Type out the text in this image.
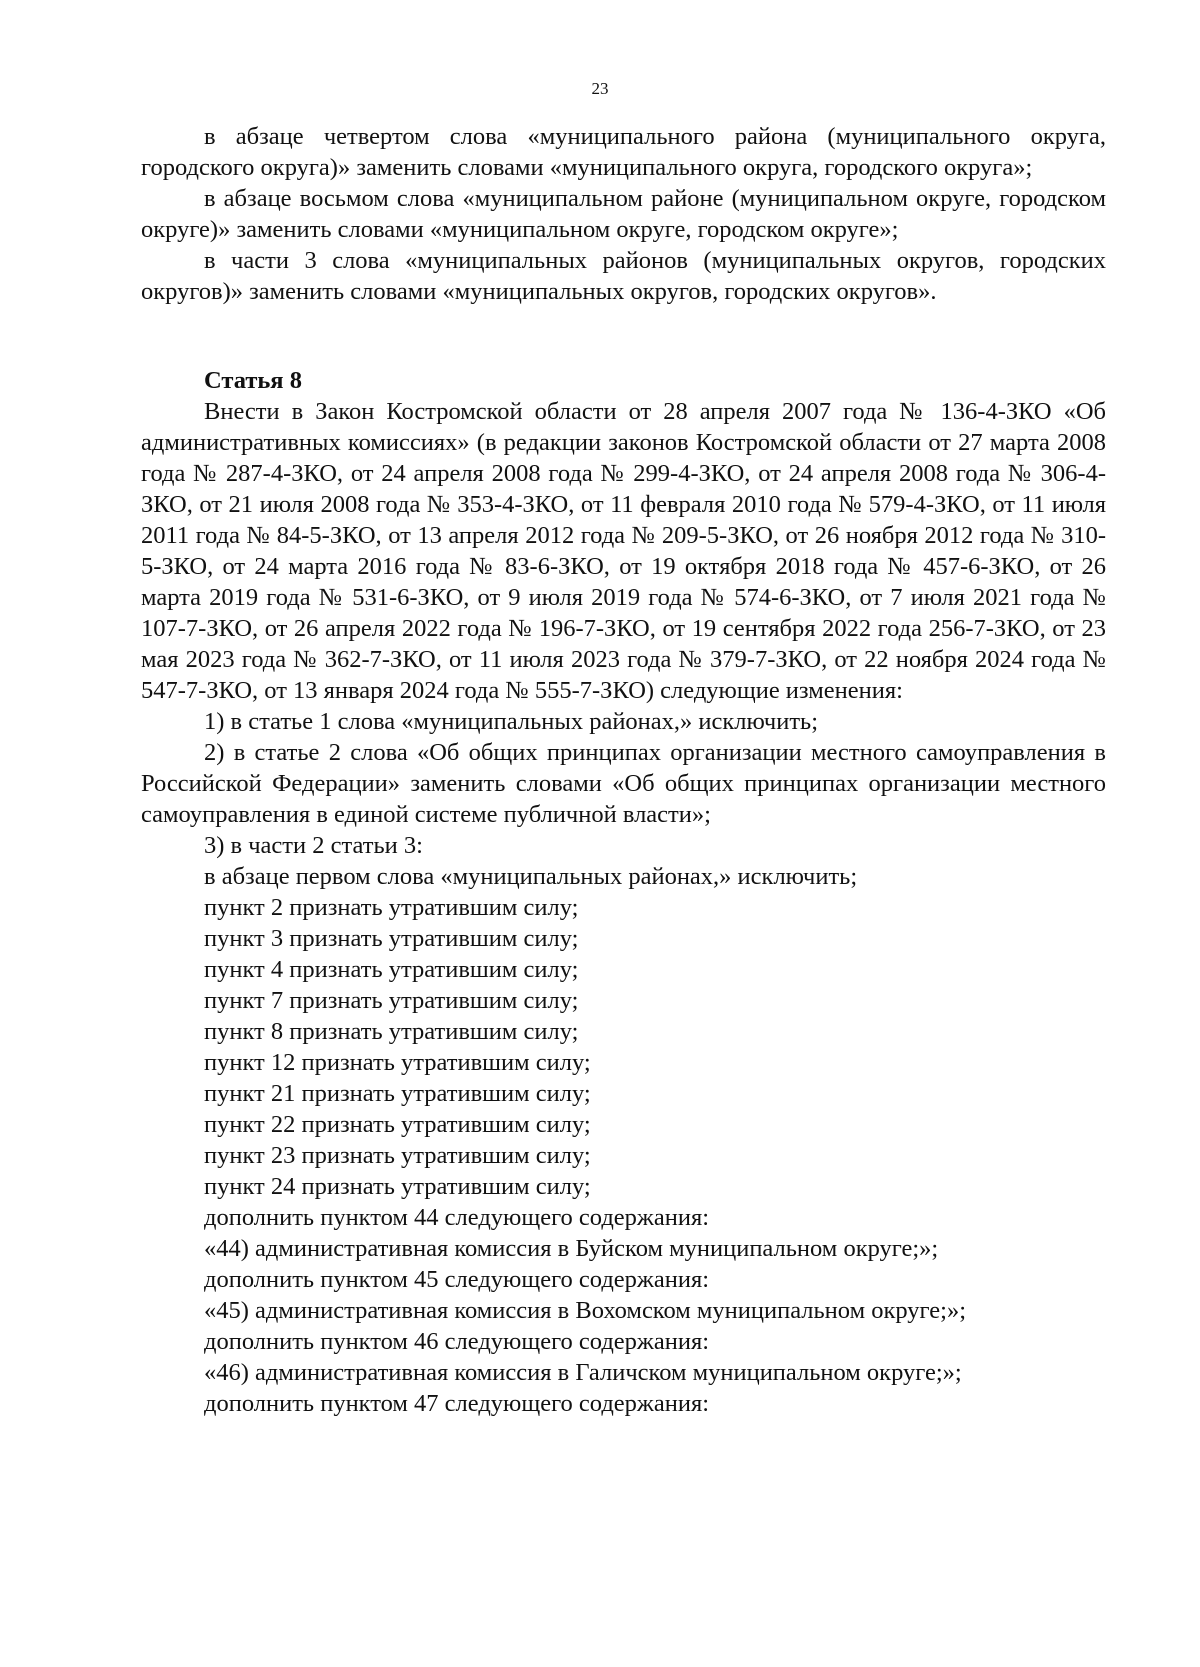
23

в абзаце четвертом слова «муниципального района (муниципального округа, городского округа)» заменить словами «муниципального округа, городского округа»;

в абзаце восьмом слова «муниципальном районе (муниципальном округе, городском округе)» заменить словами «муниципальном округе, городском округе»;

в части 3 слова «муниципальных районов (муниципальных округов, городских округов)» заменить словами «муниципальных округов, городских округов».

Статья 8

Внести в Закон Костромской области от 28 апреля 2007 года № 136-4-ЗКО «Об административных комиссиях» (в редакции законов Костромской области от 27 марта 2008 года № 287-4-ЗКО, от 24 апреля 2008 года № 299-4-ЗКО, от 24 апреля 2008 года № 306-4-ЗКО, от 21 июля 2008 года № 353-4-ЗКО, от 11 февраля 2010 года № 579-4-ЗКО, от 11 июля 2011 года № 84-5-ЗКО, от 13 апреля 2012 года № 209-5-ЗКО, от 26 ноября 2012 года № 310-5-ЗКО, от 24 марта 2016 года № 83-6-ЗКО, от 19 октября 2018 года № 457-6-ЗКО, от 26 марта 2019 года № 531-6-ЗКО, от 9 июля 2019 года № 574-6-ЗКО, от 7 июля 2021 года № 107-7-ЗКО, от 26 апреля 2022 года № 196-7-ЗКО, от 19 сентября 2022 года 256-7-ЗКО, от 23 мая 2023 года № 362-7-ЗКО, от 11 июля 2023 года № 379-7-ЗКО, от 22 ноября 2024 года № 547-7-ЗКО, от 13 января 2024 года № 555-7-ЗКО) следующие изменения:

1) в статье 1 слова «муниципальных районах,» исключить;

2) в статье 2 слова «Об общих принципах организации местного самоуправления в Российской Федерации» заменить словами «Об общих принципах организации местного самоуправления в единой системе публичной власти»;

3) в части 2 статьи 3:

в абзаце первом слова «муниципальных районах,» исключить;

пункт 2 признать утратившим силу;

пункт 3 признать утратившим силу;

пункт 4 признать утратившим силу;

пункт 7 признать утратившим силу;

пункт 8 признать утратившим силу;

пункт 12 признать утратившим силу;

пункт 21 признать утратившим силу;

пункт 22 признать утратившим силу;

пункт 23 признать утратившим силу;

пункт 24 признать утратившим силу;

дополнить пунктом 44 следующего содержания:

«44) административная комиссия в Буйском муниципальном округе;»;

дополнить пунктом 45 следующего содержания:

«45) административная комиссия в Вохомском муниципальном округе;»;

дополнить пунктом 46 следующего содержания:

«46) административная комиссия в Галичском муниципальном округе;»;

дополнить пунктом 47 следующего содержания:
